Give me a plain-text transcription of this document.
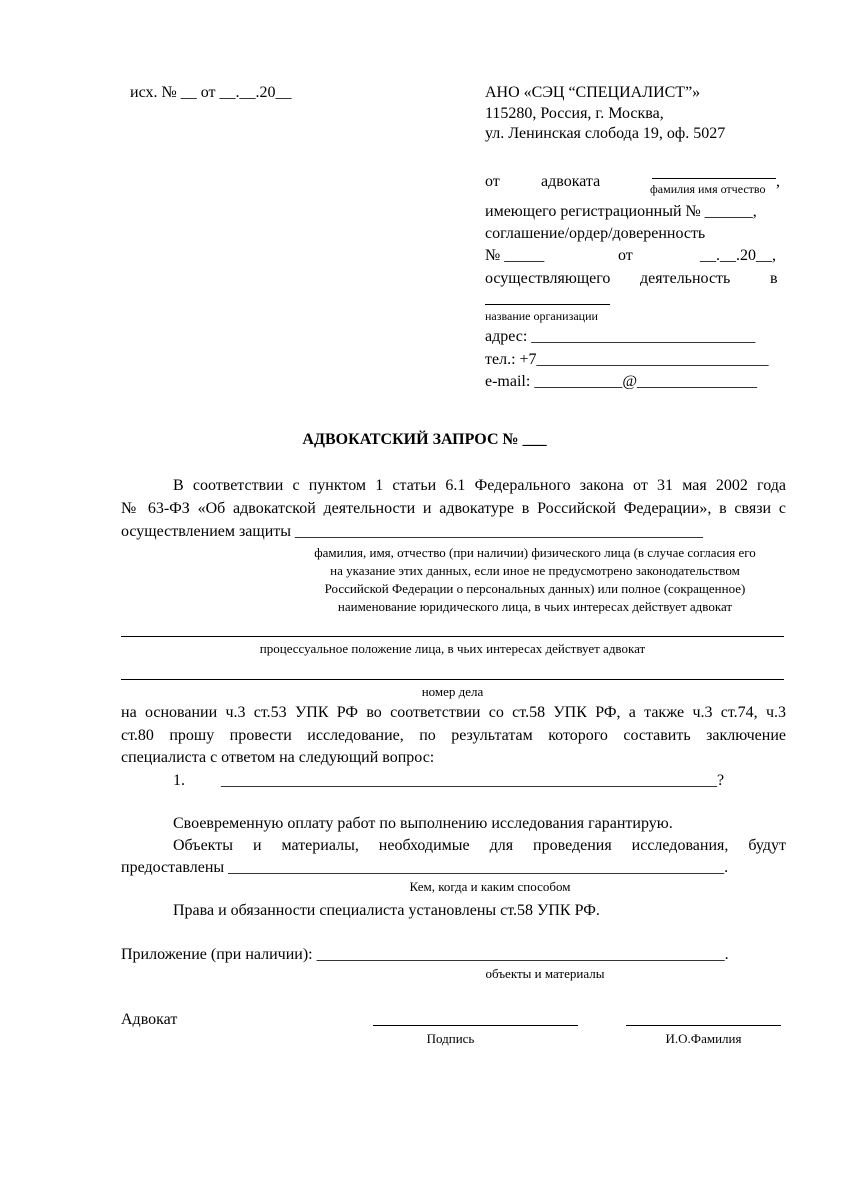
исх. № __ от __.__.20__	АНО «СЭЦ “СПЕЦИАЛИСТ”»
115280, Россия, г. Москва,
ул. Ленинская слобода 19, оф. 5027
от	адвоката	,
фамилия имя отчество
имеющего регистрационный № ______,
соглашение/ордер/доверенность
№ _____	от	__.__.20__,
осуществляющего деятельность в
название организации
адрес: ____________________________
тел.: +7_____________________________
e-mail: ___________@_______________
АДВОКАТСКИЙ ЗАПРОС № ___
В соответствии с пунктом 1 статьи 6.1 Федерального закона от 31 мая 2002 года
№ 63-ФЗ «Об адвокатской деятельности и адвокатуре в Российской Федерации», в связи с
осуществлением защиты ___________________________________________________
фамилия, имя, отчество (при наличии) физического лица (в случае согласия его
на указание этих данных, если иное не предусмотрено законодательством
Российской Федерации о персональных данных) или полное (сокращенное)
наименование юридического лица, в чьих интересах действует адвокат
процессуальное положение лица, в чьих интересах действует адвокат
номер дела
на основании ч.3 ст.53 УПК РФ во соответствии со ст.58 УПК РФ, а также ч.3 ст.74, ч.3
ст.80 прошу провести исследование, по результатам которого составить заключение
специалиста с ответом на следующий вопрос:
1. ______________________________________________________________?
Своевременную оплату работ по выполнению исследования гарантирую.
Объекты и материалы, необходимые для проведения исследования, будут
предоставлены ______________________________________________________________.
Кем, когда и каким способом
Права и обязанности специалиста установлены ст.58 УПК РФ.
Приложение (при наличии): ___________________________________________________.
объекты и материалы
Адвокат
Подпись	И.О.Фамилия
